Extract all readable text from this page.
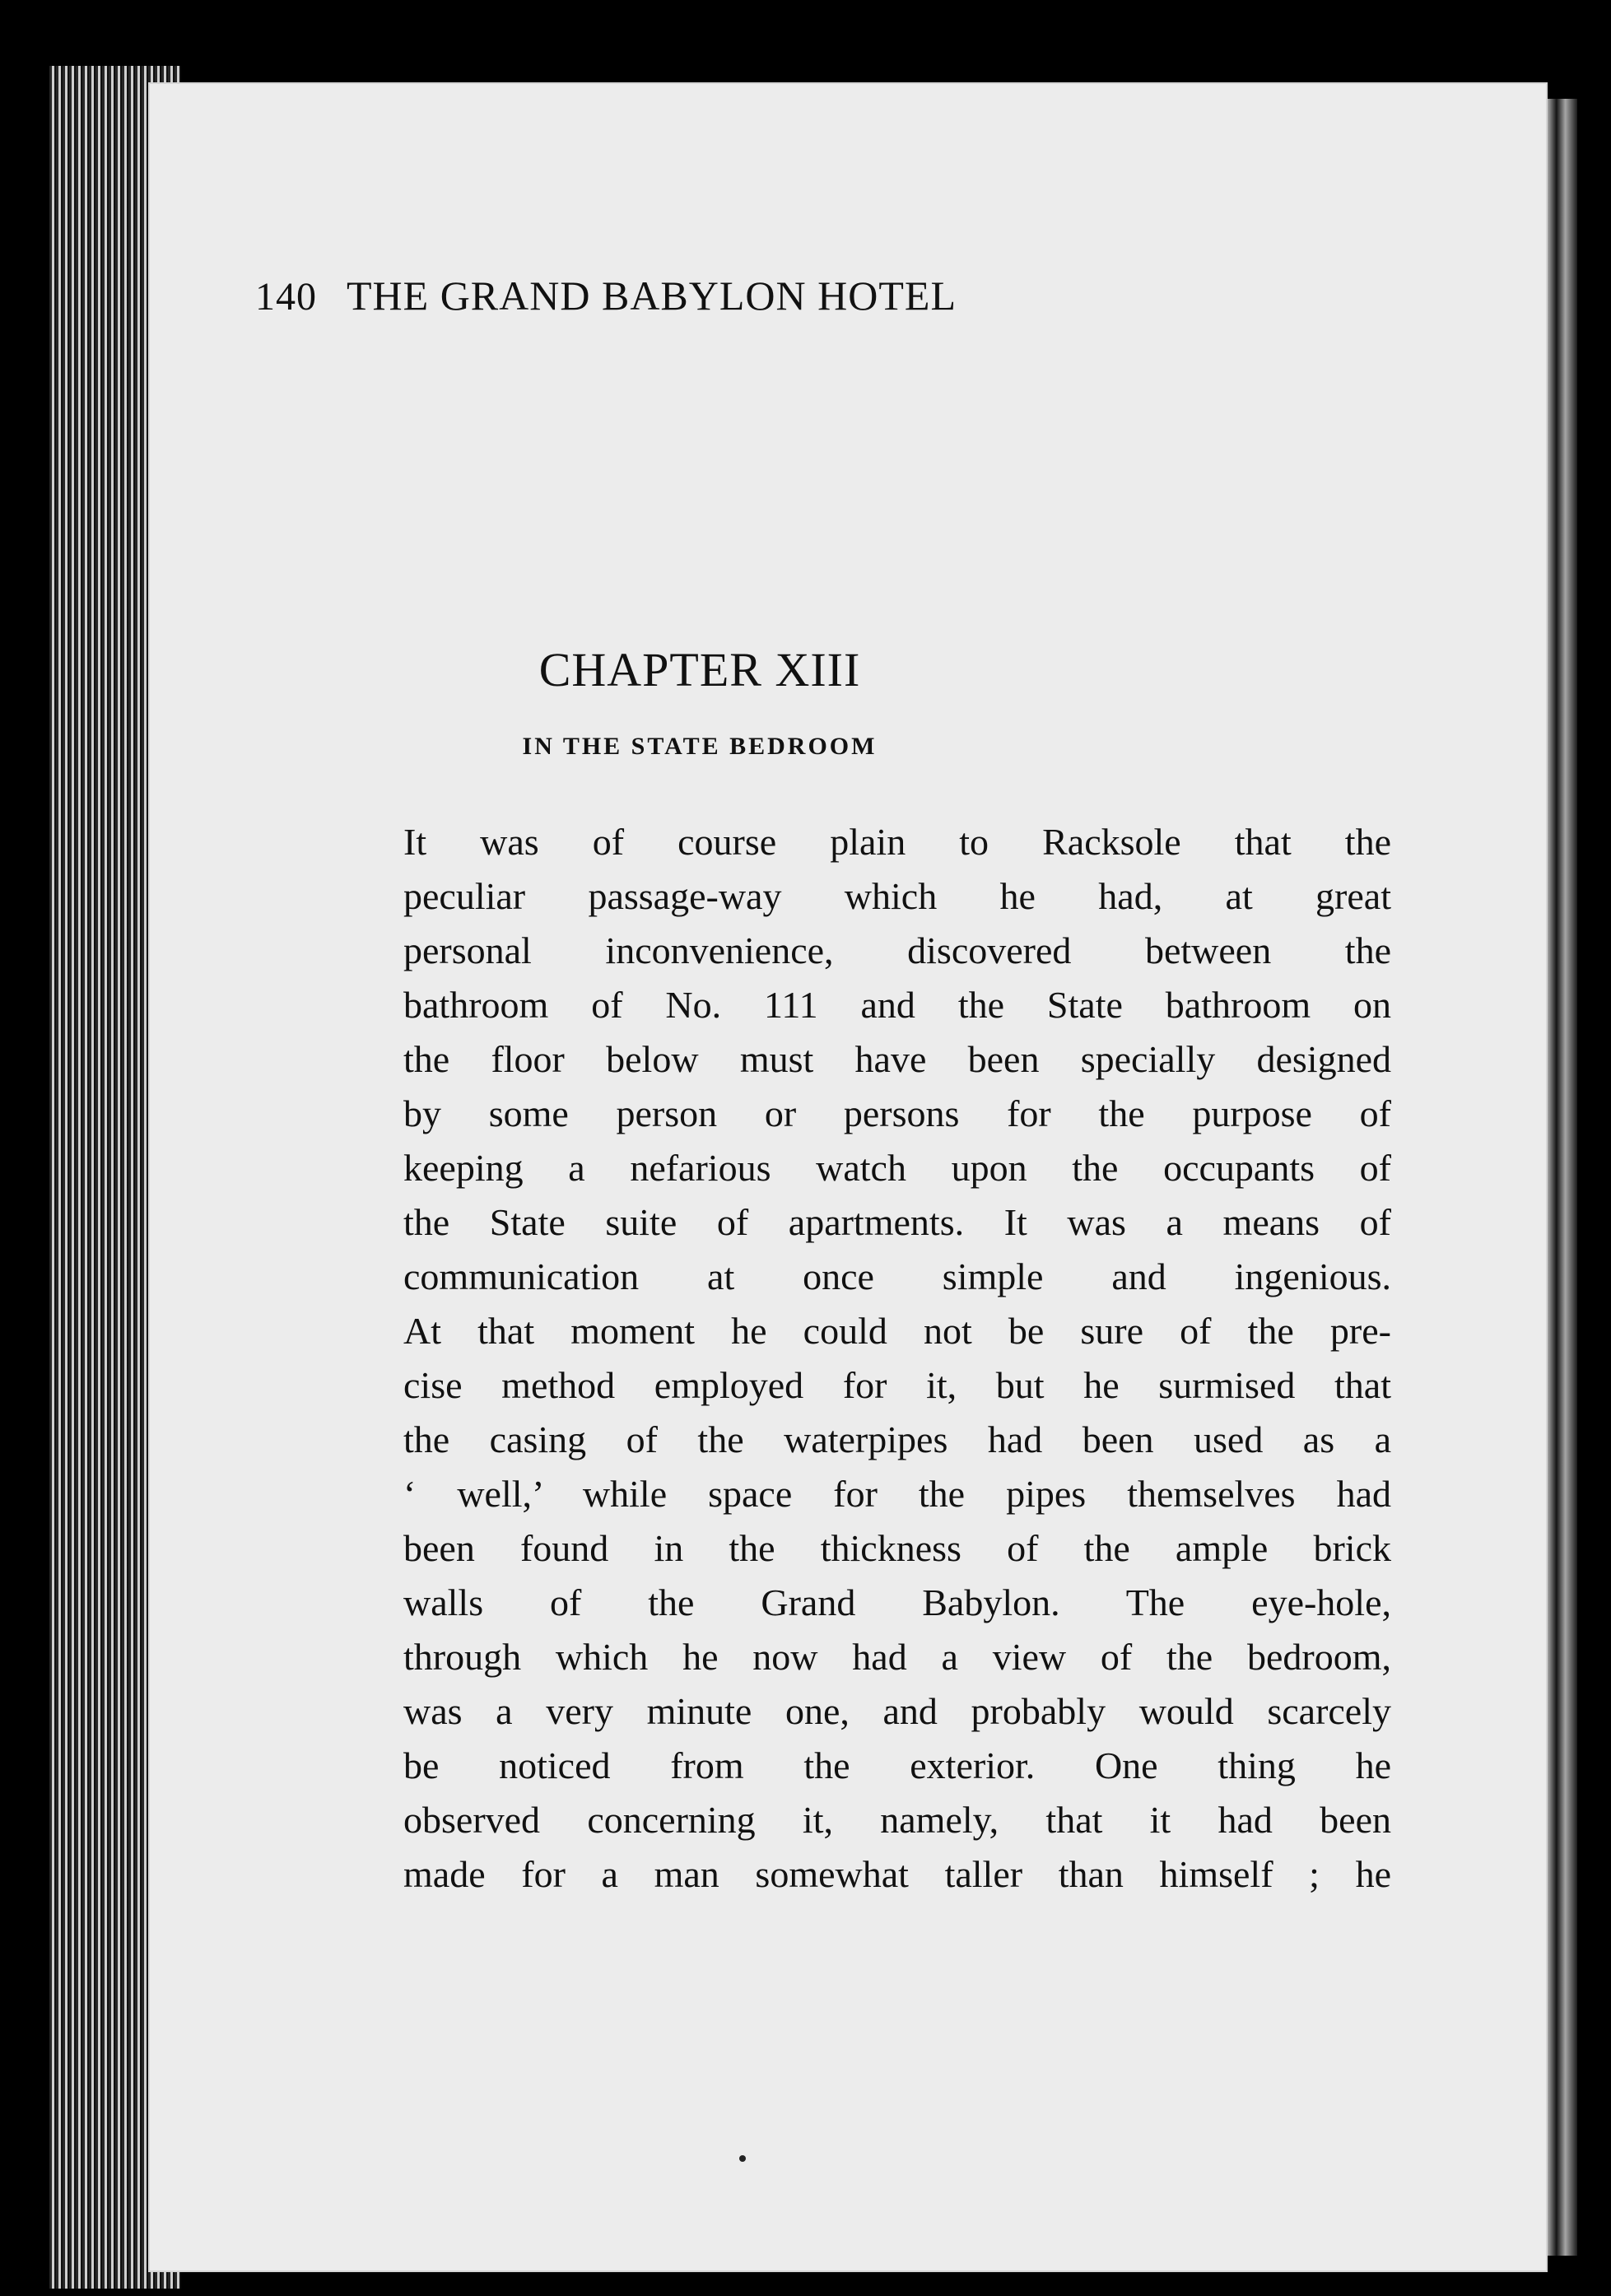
140 THE GRAND BABYLON HOTEL
CHAPTER XIII
IN THE STATE BEDROOM
It was of course plain to Racksole that the
peculiar passage-way which he had, at great
personal inconvenience, discovered between the
bathroom of No. 111 and the State bathroom on
the floor below must have been specially designed
by some person or persons for the purpose of
keeping a nefarious watch upon the occupants of
the State suite of apartments. It was a means of
communication at once simple and ingenious.
At that moment he could not be sure of the pre-
cise method employed for it, but he surmised that
the casing of the waterpipes had been used as a
‘ well,’ while space for the pipes themselves had
been found in the thickness of the ample brick
walls of the Grand Babylon. The eye-hole,
through which he now had a view of the bedroom,
was a very minute one, and probably would scarcely
be noticed from the exterior. One thing he
observed concerning it, namely, that it had been
made for a man somewhat taller than himself ; he
